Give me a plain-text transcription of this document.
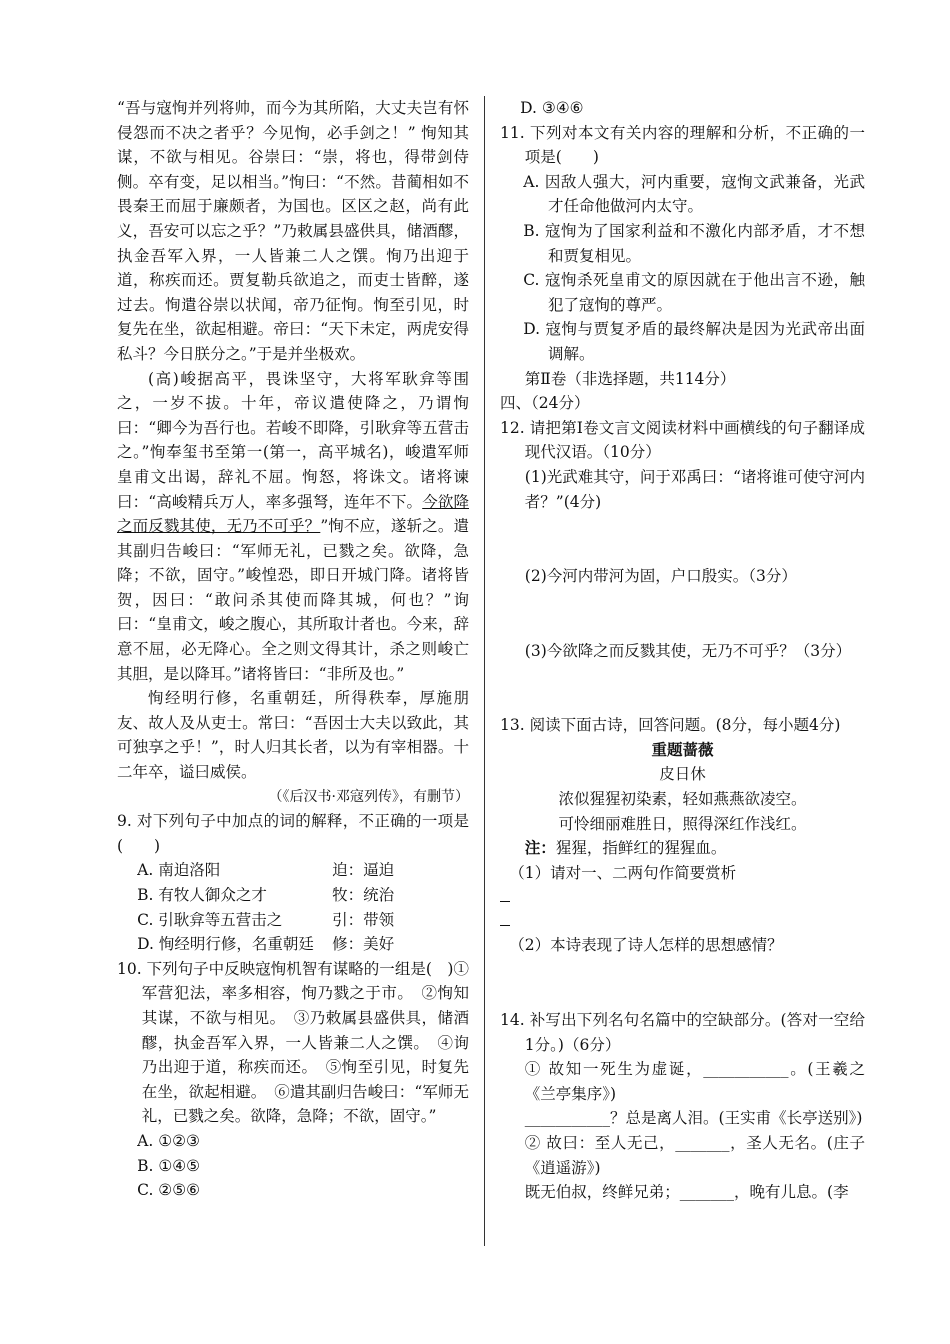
“吾与寇恂并列将帅，而今为其所陷，大丈夫岂有怀侵怨而不决之者乎？今见恂，必手剑之！” 恂知其谋，不欲与相见。谷崇曰：“崇，将也，得带剑侍侧。卒有变，足以相当。”恂曰：“不然。昔蔺相如不畏秦王而屈于廉颇者，为国也。区区之赵，尚有此义，吾安可以忘之乎？”乃敕属县盛供具，储酒醪，执金吾军入界，一人皆兼二人之馔。恂乃出迎于道，称疾而还。贾复勒兵欲追之，而吏士皆醉，遂过去。恂遣谷崇以状闻，帝乃征恂。恂至引见，时复先在坐，欲起相避。帝曰：“天下未定，两虎安得私斗？今日朕分之。”于是并坐极欢。

(高)峻据高平，畏诛坚守，大将军耿弇等围之，一岁不拔。十年，帝议遣使降之，乃谓恂曰：“卿今为吾行也。若峻不即降，引耿弇等五营击之。”恂奉玺书至第一(第一，高平城名)，峻遣军师皇甫文出谒，辞礼不屈。恂怒，将诛文。诸将谏曰：“高峻精兵万人，率多强弩，连年不下。今欲降之而反戮其使，无乃不可乎？”恂不应，遂斩之。遣其副归告峻曰：“军师无礼，已戮之矣。欲降，急降；不欲，固守。”峻惶恐，即日开城门降。诸将皆贺，因曰：“敢问杀其使而降其城，何也？”询曰：“皇甫文，峻之腹心，其所取计者也。今来，辞意不屈，必无降心。全之则文得其计，杀之则峻亡其胆，是以降耳。”诸将皆曰：“非所及也。”

恂经明行修，名重朝廷，所得秩奉，厚施朋友、故人及从吏士。常曰：“吾因士大夫以致此，其可独享之乎！”，时人归其长者，以为有宰相器。十二年卒，谥曰威侯。

（《后汉书·邓寇列传》，有删节）

9. 对下列句子中加点的词的解释，不正确的一项是(　　)

A. 南迫洛阳	迫：逼迫
B. 有牧人御众之才	牧：统治
C. 引耿弇等五营击之	引：带领
D. 恂经明行修，名重朝廷	修：美好

10. 下列句子中反映寇恂机智有谋略的一组是(　)①军营犯法，率多相容，恂乃戮之于市。　②恂知其谋，不欲与相见。　③乃敕属县盛供具，储酒醪，执金吾军入界，一人皆兼二人之馔。　④询乃出迎于道，称疾而还。　⑤恂至引见，时复先在坐，欲起相避。　⑥遣其副归告峻曰：“军师无礼，已戮之矣。欲降，急降；不欲，固守。”

A. ①②③

B. ①④⑤

C. ②⑤⑥

D. ③④⑥

11. 下列对本文有关内容的理解和分析，不正确的一项是(　　)

A. 因敌人强大，河内重要，寇恂文武兼备，光武才任命他做河内太守。

B. 寇恂为了国家利益和不激化内部矛盾，才不想和贾复相见。

C. 寇恂杀死皇甫文的原因就在于他出言不逊，触犯了寇恂的尊严。

D. 寇恂与贾复矛盾的最终解决是因为光武帝出面调解。

第Ⅱ卷（非选择题，共114分）

四、（24分）

12. 请把第Ⅰ卷文言文阅读材料中画横线的句子翻译成现代汉语。（10分）

(1)光武难其守，问于邓禹曰：“诸将谁可使守河内者？”(4分)

(2)今河内带河为固，户口殷实。（3分）

(3)今欲降之而反戮其使，无乃不可乎？（3分）

13. 阅读下面古诗，回答问题。(8分，每小题4分)

重题蔷薇

皮日休

浓似猩猩初染素，轻如燕燕欲凌空。

可怜细丽难胜日，照得深红作浅红。

注：猩猩，指鲜红的猩猩血。

（1）请对一、二两句作简要赏析

（2）本诗表现了诗人怎样的思想感情？

14. 补写出下列名句名篇中的空缺部分。(答对一空给1分。)（6分）

① 故知一死生为虚诞，___________。(王羲之《兰亭集序》)

___________？总是离人泪。(王实甫《长亭送别》)

② 故曰：至人无己，_______，圣人无名。(庄子《逍遥游》)

既无伯叔，终鲜兄弟；_______，晚有儿息。(李
